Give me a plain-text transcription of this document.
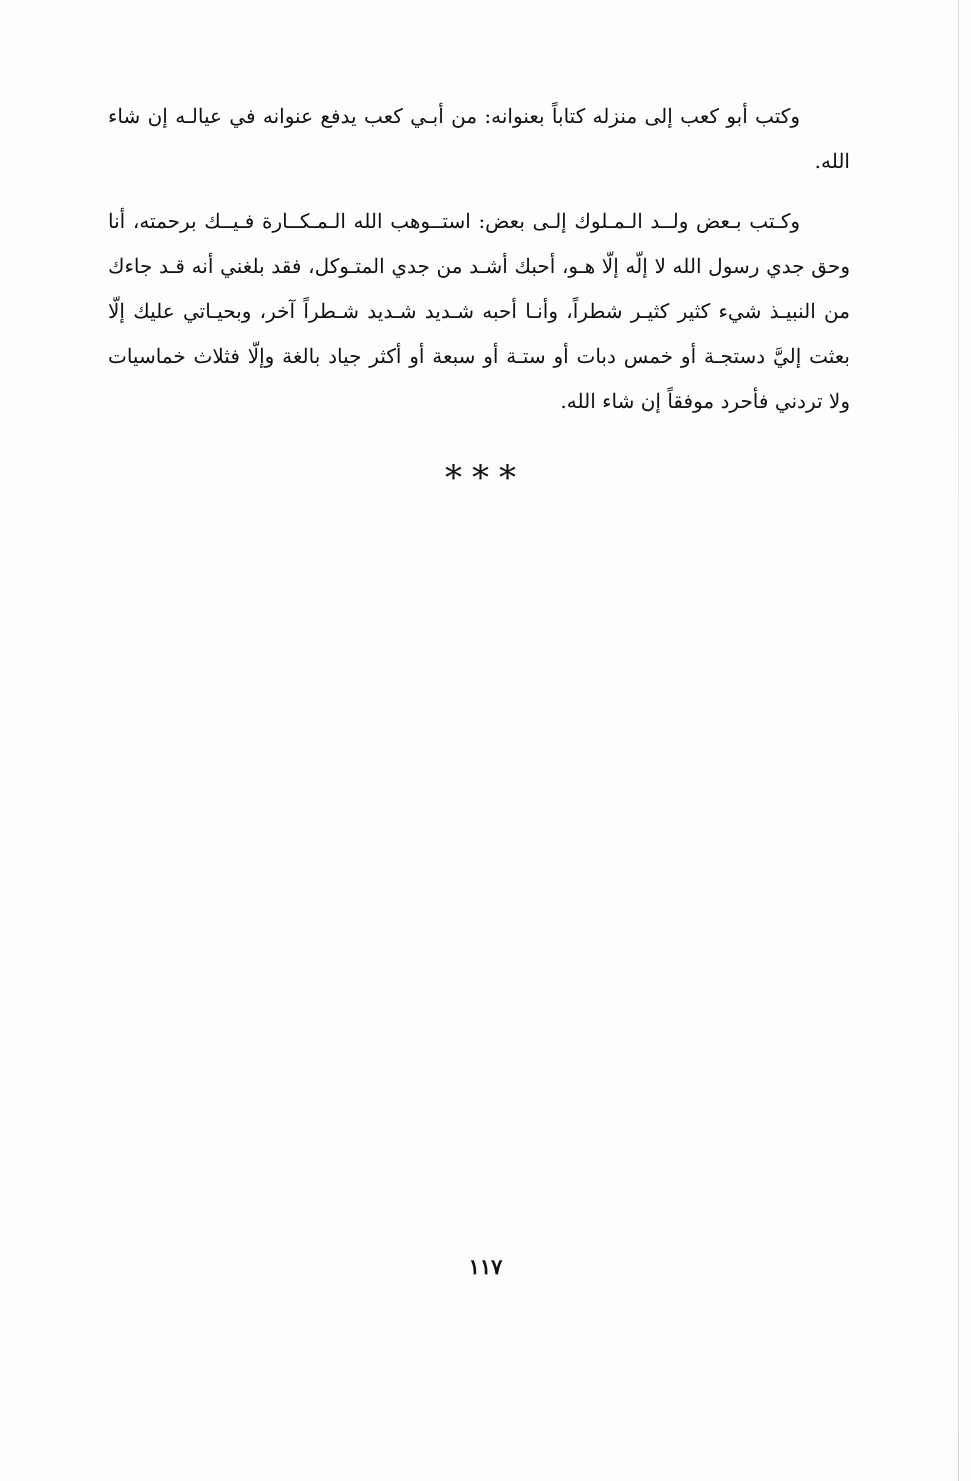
وكتب أبو كعب إلى منزله كتاباً بعنوانه: من أبـي كعب يدفع عنوانه في عيالـه إن شاء الله.

وكـتب بـعض ولــد الـمـلوك إلـى بعض: استــوهب الله الـمـكــارة فـيــك برحمته، أنا وحق جدي رسول الله لا إلّه إلّا هـو، أحبك أشـد من جدي المتـوكل، فقد بلغني أنه قـد جاءك من النبيـذ شيء كثير كثيـر شطراً، وأنـا أحبه شـديد شـديد شـطراً آخر، وبحيـاتي عليك إلّا بعثت إليَّ دستجـة أو خمس دبات أو ستـة أو سبعة أو أكثر جياد بالغة وإلّا فثلاث خماسيات ولا تردني فأحرد موفقاً إن شاء الله.

***
١١٧
